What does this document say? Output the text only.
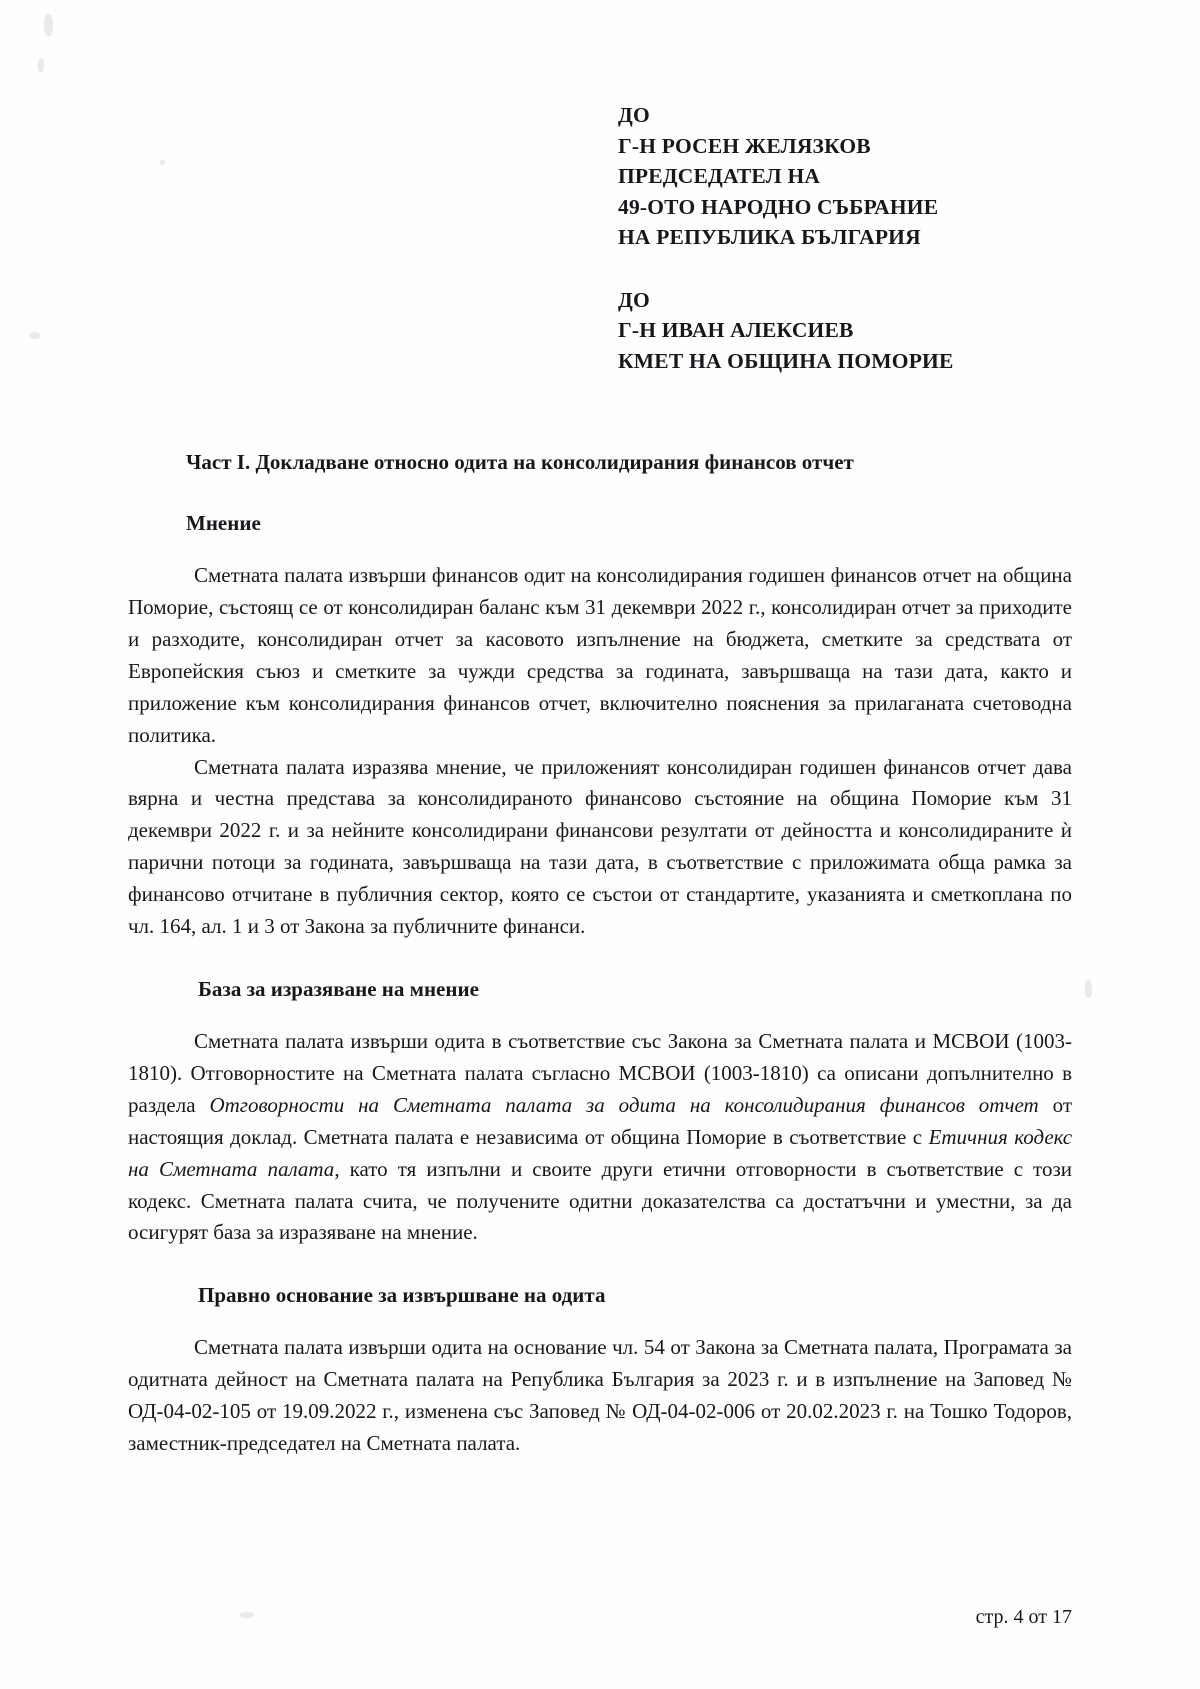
ДО
Г-Н РОСЕН ЖЕЛЯЗКОВ
ПРЕДСЕДАТЕЛ НА
49-ОТО НАРОДНО СЪБРАНИЕ
НА РЕПУБЛИКА БЪЛГАРИЯ
ДО
Г-Н ИВАН АЛЕКСИЕВ
КМЕТ НА ОБЩИНА ПОМОРИЕ
Част I. Докладване относно одита на консолидирания финансов отчет
Мнение

Сметната палата извърши финансов одит на консолидирания годишен финансов отчет на община Поморие, състоящ се от консолидиран баланс към 31 декември 2022 г., консолидиран отчет за приходите и разходите, консолидиран отчет за касовото изпълнение на бюджета, сметките за средствата от Европейския съюз и сметките за чужди средства за годината, завършваща на тази дата, както и приложение към консолидирания финансов отчет, включително пояснения за прилаганата счетоводна политика.

Сметната палата изразява мнение, че приложеният консолидиран годишен финансов отчет дава вярна и честна представа за консолидираното финансово състояние на община Поморие към 31 декември 2022 г. и за нейните консолидирани финансови резултати от дейността и консолидираните ѝ парични потоци за годината, завършваща на тази дата, в съответствие с приложимата обща рамка за финансово отчитане в публичния сектор, която се състои от стандартите, указанията и сметкоплана по чл. 164, ал. 1 и 3 от Закона за публичните финанси.

База за изразяване на мнение

Сметната палата извърши одита в съответствие със Закона за Сметната палата и МСВОИ (1003-1810). Отговорностите на Сметната палата съгласно МСВОИ (1003-1810) са описани допълнително в раздела Отговорности на Сметната палата за одита на консолидирания финансов отчет от настоящия доклад. Сметната палата е независима от община Поморие в съответствие с Етичния кодекс на Сметната палата, като тя изпълни и своите други етични отговорности в съответствие с този кодекс. Сметната палата счита, че получените одитни доказателства са достатъчни и уместни, за да осигурят база за изразяване на мнение.

Правно основание за извършване на одита

Сметната палата извърши одита на основание чл. 54 от Закона за Сметната палата, Програмата за одитната дейност на Сметната палата на Република България за 2023 г. и в изпълнение на Заповед № ОД-04-02-105 от 19.09.2022 г., изменена със Заповед № ОД-04-02-006 от 20.02.2023 г. на Тошко Тодоров, заместник-председател на Сметната палата.

стр. 4 от 17
